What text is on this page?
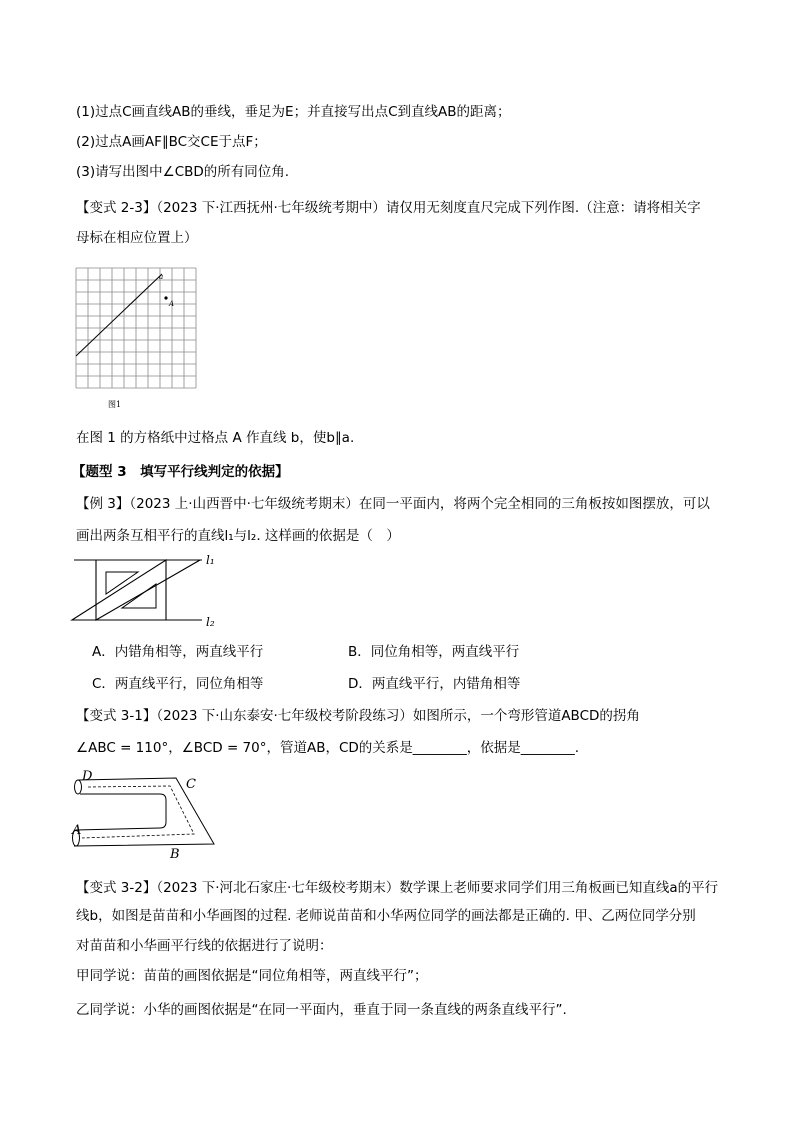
(1)过点C画直线AB的垂线，垂足为E；并直接写出点C到直线AB的距离；
(2)过点A画AF∥BC交CE于点F；
(3)请写出图中∠CBD的所有同位角.
【变式 2-3】（2023 下·江西抚州·七年级统考期中）请仅用无刻度直尺完成下列作图.（注意：请将相关字
母标在相应位置上）
a
A
图1
在图 1 的方格纸中过格点 A 作直线 b，使b∥a.
【题型 3　填写平行线判定的依据】
【例 3】（2023 上·山西晋中·七年级统考期末）在同一平面内，将两个完全相同的三角板按如图摆放，可以
画出两条互相平行的直线l₁与l₂. 这样画的依据是（　）
l₁
l₂
A．内错角相等，两直线平行	B．同位角相等，两直线平行
C．两直线平行，同位角相等	D．两直线平行，内错角相等
【变式 3-1】（2023 下·山东泰安·七年级校考阶段练习）如图所示，一个弯形管道ABCD的拐角
∠ABC = 110°，∠BCD = 70°，管道AB，CD的关系是________，依据是________.
D
C
A
B
【变式 3-2】（2023 下·河北石家庄·七年级校考期末）数学课上老师要求同学们用三角板画已知直线a的平行
线b，如图是苗苗和小华画图的过程. 老师说苗苗和小华两位同学的画法都是正确的. 甲、乙两位同学分别
对苗苗和小华画平行线的依据进行了说明：
甲同学说：苗苗的画图依据是“同位角相等，两直线平行”；
乙同学说：小华的画图依据是“在同一平面内，垂直于同一条直线的两条直线平行”.
